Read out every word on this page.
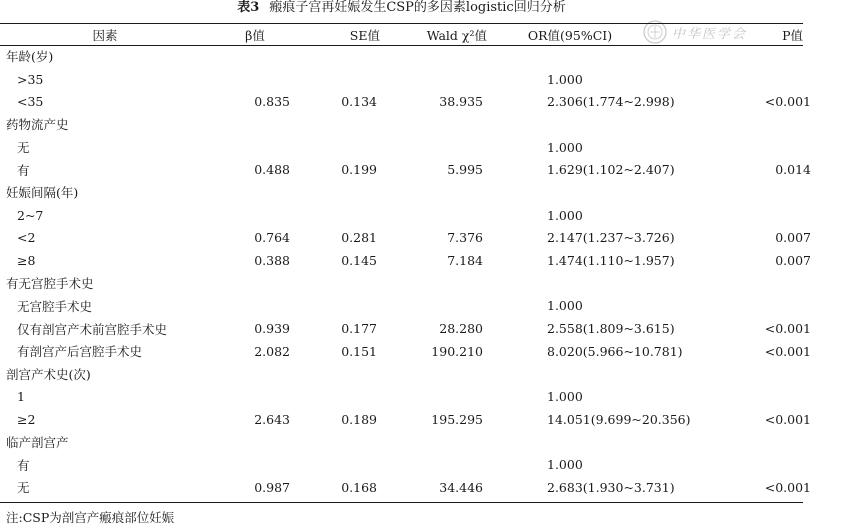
表3 瘢痕子宫再妊娠发生CSP的多因素logistic回归分析
中华医学会
因素	β值	SE值	Wald χ²值	OR值(95%CI)	P值
年龄(岁)					
>35				1.000	
<35	0.835	0.134	38.935	2.306(1.774~2.998)	<0.001
药物流产史					
无				1.000	
有	0.488	0.199	5.995	1.629(1.102~2.407)	0.014
妊娠间隔(年)					
2~7				1.000	
<2	0.764	0.281	7.376	2.147(1.237~3.726)	0.007
≥8	0.388	0.145	7.184	1.474(1.110~1.957)	0.007
有无宫腔手术史					
无宫腔手术史				1.000	
仅有剖宫产术前宫腔手术史	0.939	0.177	28.280	2.558(1.809~3.615)	<0.001
有剖宫产后宫腔手术史	2.082	0.151	190.210	8.020(5.966~10.781)	<0.001
剖宫产术史(次)					
1				1.000	
≥2	2.643	0.189	195.295	14.051(9.699~20.356)	<0.001
临产剖宫产					
有				1.000	
无	0.987	0.168	34.446	2.683(1.930~3.731)	<0.001
注:CSP为剖宫产瘢痕部位妊娠
